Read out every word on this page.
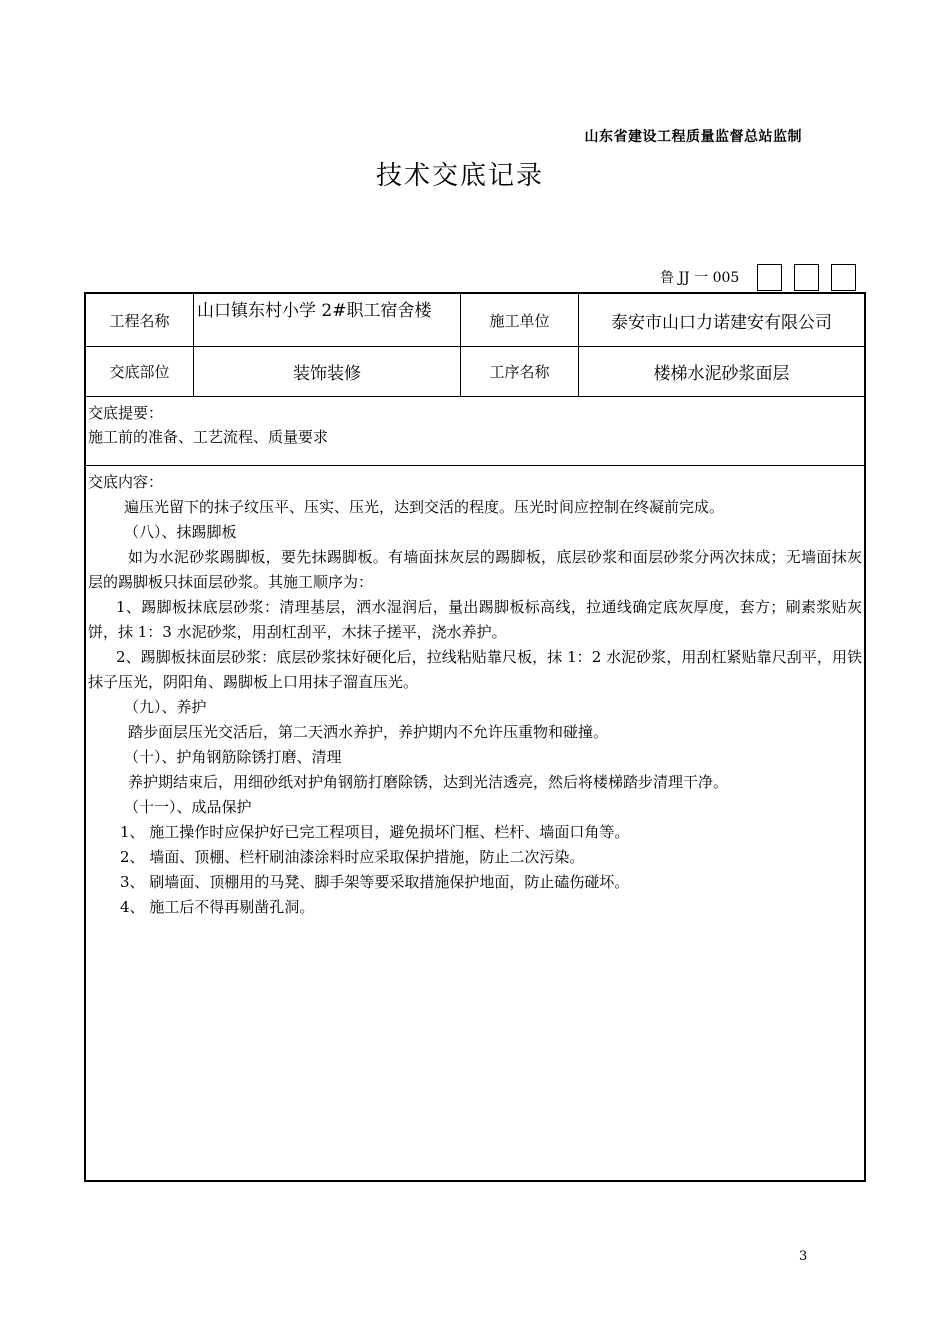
山东省建设工程质量监督总站监制
技术交底记录
鲁 JJ 一 005
工程名称	山口镇东村小学 2#职工宿舍楼	施工单位	泰安市山口力诺建安有限公司
交底部位	装饰装修	工序名称	楼梯水泥砂浆面层
交底提要：
施工前的准备、工艺流程、质量要求

交底内容：

遍压光留下的抹子纹压平、压实、压光，达到交活的程度。压光时间应控制在终凝前完成。

（八）、抹踢脚板

如为水泥砂浆踢脚板，要先抹踢脚板。有墙面抹灰层的踢脚板，底层砂浆和面层砂浆分两次抹成；无墙面抹灰层的踢脚板只抹面层砂浆。其施工顺序为：

1、踢脚板抹底层砂浆：清理基层，洒水湿润后，量出踢脚板标高线，拉通线确定底灰厚度，套方；刷素浆贴灰饼，抹 1：3 水泥砂浆，用刮杠刮平，木抹子搓平，浇水养护。

2、踢脚板抹面层砂浆：底层砂浆抹好硬化后，拉线粘贴靠尺板，抹 1：2 水泥砂浆，用刮杠紧贴靠尺刮平，用铁抹子压光，阴阳角、踢脚板上口用抹子溜直压光。

（九）、养护

踏步面层压光交活后，第二天洒水养护，养护期内不允许压重物和碰撞。

（十）、护角钢筋除锈打磨、清理

养护期结束后，用细砂纸对护角钢筋打磨除锈，达到光洁透亮，然后将楼梯踏步清理干净。

（十一）、成品保护

1、 施工操作时应保护好已完工程项目，避免损坏门框、栏杆、墙面口角等。

2、 墙面、顶棚、栏杆刷油漆涂料时应采取保护措施，防止二次污染。

3、 刷墙面、顶棚用的马凳、脚手架等要采取措施保护地面，防止磕伤碰坏。

4、 施工后不得再剔凿孔洞。

3
